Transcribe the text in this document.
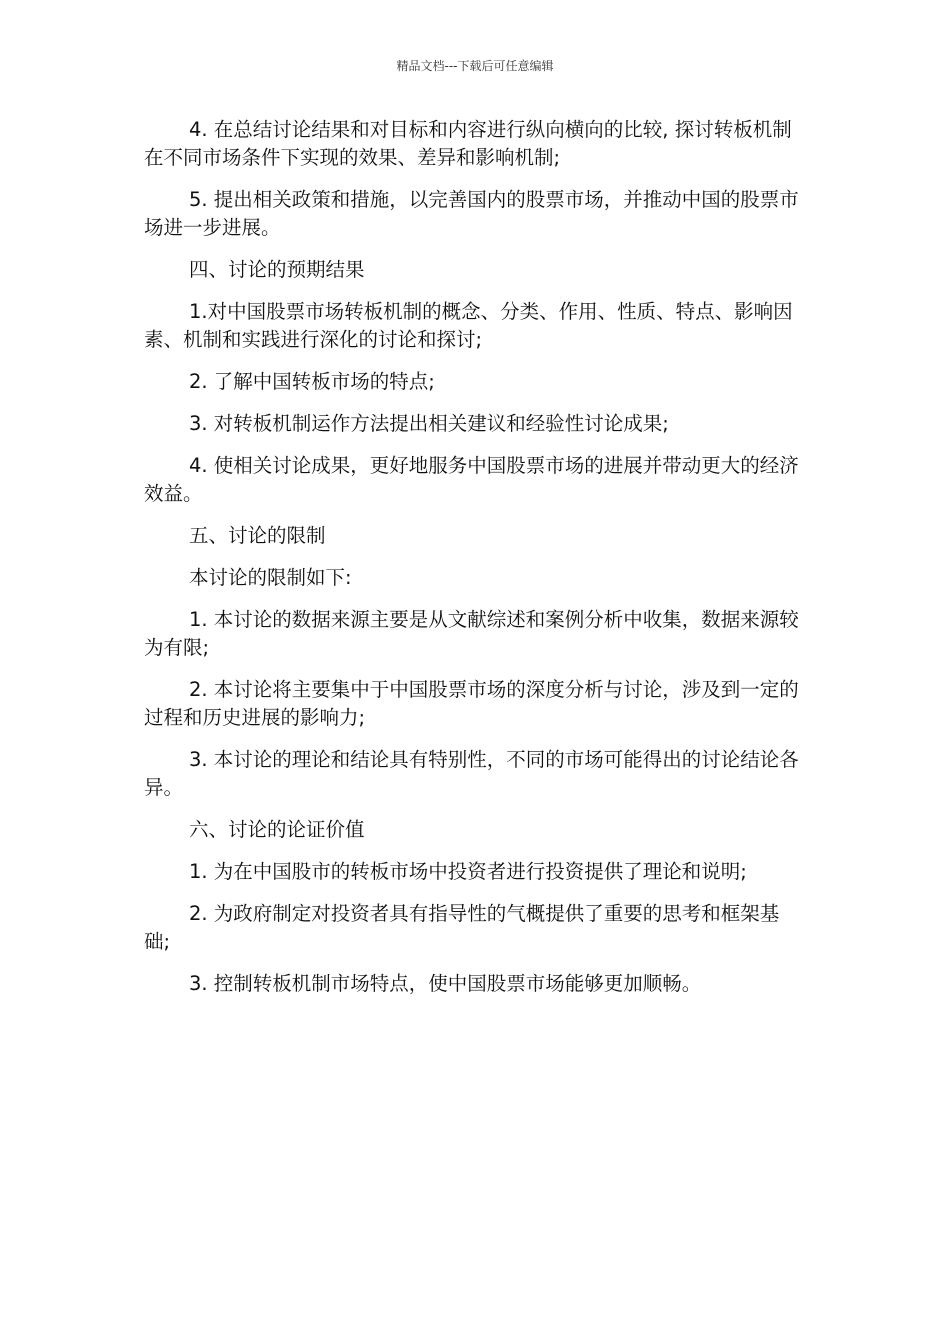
精品文档---下载后可任意编辑

4. 在总结讨论结果和对目标和内容进行纵向横向的比较, 探讨转板机制在不同市场条件下实现的效果、差异和影响机制;

5. 提出相关政策和措施，以完善国内的股票市场，并推动中国的股票市场进一步进展。

四、讨论的预期结果

1.对中国股票市场转板机制的概念、分类、作用、性质、特点、影响因素、机制和实践进行深化的讨论和探讨;

2. 了解中国转板市场的特点;

3. 对转板机制运作方法提出相关建议和经验性讨论成果;

4. 使相关讨论成果，更好地服务中国股票市场的进展并带动更大的经济效益。

五、讨论的限制

本讨论的限制如下:

1. 本讨论的数据来源主要是从文献综述和案例分析中收集，数据来源较为有限;

2. 本讨论将主要集中于中国股票市场的深度分析与讨论，涉及到一定的过程和历史进展的影响力;

3. 本讨论的理论和结论具有特别性，不同的市场可能得出的讨论结论各异。

六、讨论的论证价值

1. 为在中国股市的转板市场中投资者进行投资提供了理论和说明;

2. 为政府制定对投资者具有指导性的气概提供了重要的思考和框架基础;

3. 控制转板机制市场特点，使中国股票市场能够更加顺畅。
